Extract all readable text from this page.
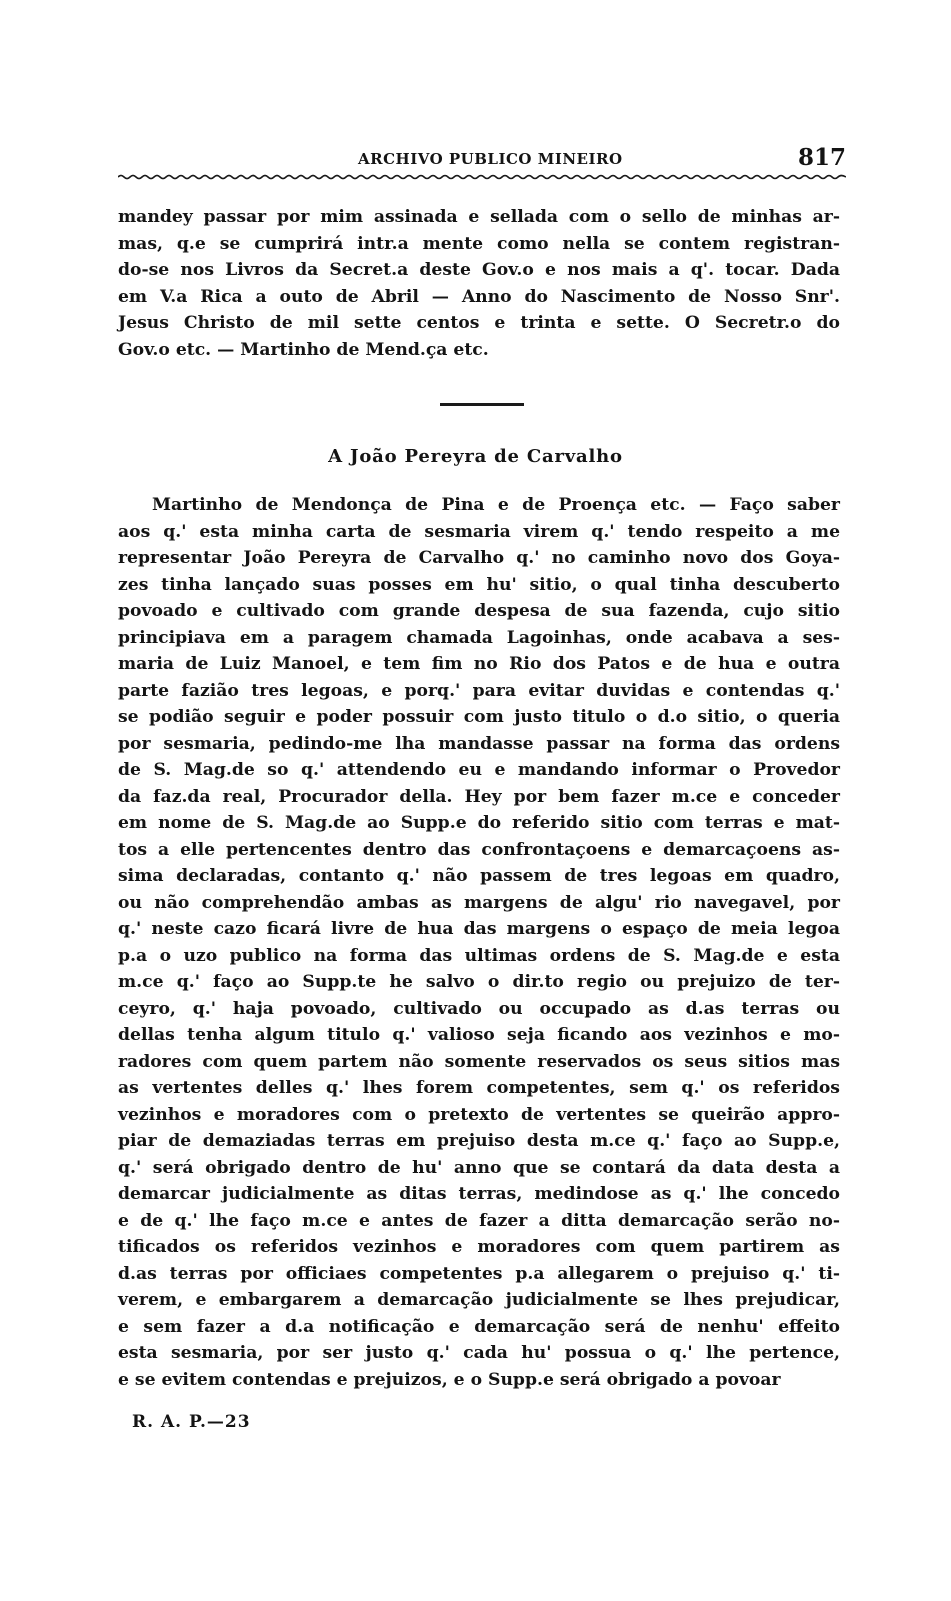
ARCHIVO PUBLICO MINEIRO	817
mandey passar por mim assinada e sellada com o sello de minhas ar-
mas, q.e se cumprirá intr.a mente como nella se contem registran-
do-se nos Livros da Secret.a deste Gov.o e nos mais a q'. tocar. Dada
em V.a Rica a outo de Abril — Anno do Nascimento de Nosso Snr'.
Jesus Christo de mil sette centos e trinta e sette. O Secretr.o do
Gov.o etc. — Martinho de Mend.ça etc.
A João Pereyra de Carvalho
Martinho de Mendonça de Pina e de Proença etc. — Faço saber
aos q.' esta minha carta de sesmaria virem q.' tendo respeito a me
representar João Pereyra de Carvalho q.' no caminho novo dos Goya-
zes tinha lançado suas posses em hu' sitio, o qual tinha descuberto
povoado e cultivado com grande despesa de sua fazenda, cujo sitio
principiava em a paragem chamada Lagoinhas, onde acabava a ses-
maria de Luiz Manoel, e tem fim no Rio dos Patos e de hua e outra
parte fazião tres legoas, e porq.' para evitar duvidas e contendas q.'
se podião seguir e poder possuir com justo titulo o d.o sitio, o queria
por sesmaria, pedindo-me lha mandasse passar na forma das ordens
de S. Mag.de so q.' attendendo eu e mandando informar o Provedor
da faz.da real, Procurador della. Hey por bem fazer m.ce e conceder
em nome de S. Mag.de ao Supp.e do referido sitio com terras e mat-
tos a elle pertencentes dentro das confrontaçoens e demarcaçoens as-
sima declaradas, contanto q.' não passem de tres legoas em quadro,
ou não comprehendão ambas as margens de algu' rio navegavel, por
q.' neste cazo ficará livre de hua das margens o espaço de meia legoa
p.a o uzo publico na forma das ultimas ordens de S. Mag.de e esta
m.ce q.' faço ao Supp.te he salvo o dir.to regio ou prejuizo de ter-
ceyro, q.' haja povoado, cultivado ou occupado as d.as terras ou
dellas tenha algum titulo q.' valioso seja ficando aos vezinhos e mo-
radores com quem partem não somente reservados os seus sitios mas
as vertentes delles q.' lhes forem competentes, sem q.' os referidos
vezinhos e moradores com o pretexto de vertentes se queirão appro-
piar de demaziadas terras em prejuiso desta m.ce q.' faço ao Supp.e,
q.' será obrigado dentro de hu' anno que se contará da data desta a
demarcar judicialmente as ditas terras, medindose as q.' lhe concedo
e de q.' lhe faço m.ce e antes de fazer a ditta demarcação serão no-
tificados os referidos vezinhos e moradores com quem partirem as
d.as terras por officiaes competentes p.a allegarem o prejuiso q.' ti-
verem, e embargarem a demarcação judicialmente se lhes prejudicar,
e sem fazer a d.a notificação e demarcação será de nenhu' effeito
esta sesmaria, por ser justo q.' cada hu' possua o q.' lhe pertence,
e se evitem contendas e prejuizos, e o Supp.e será obrigado a povoar
R. A. P.—23
